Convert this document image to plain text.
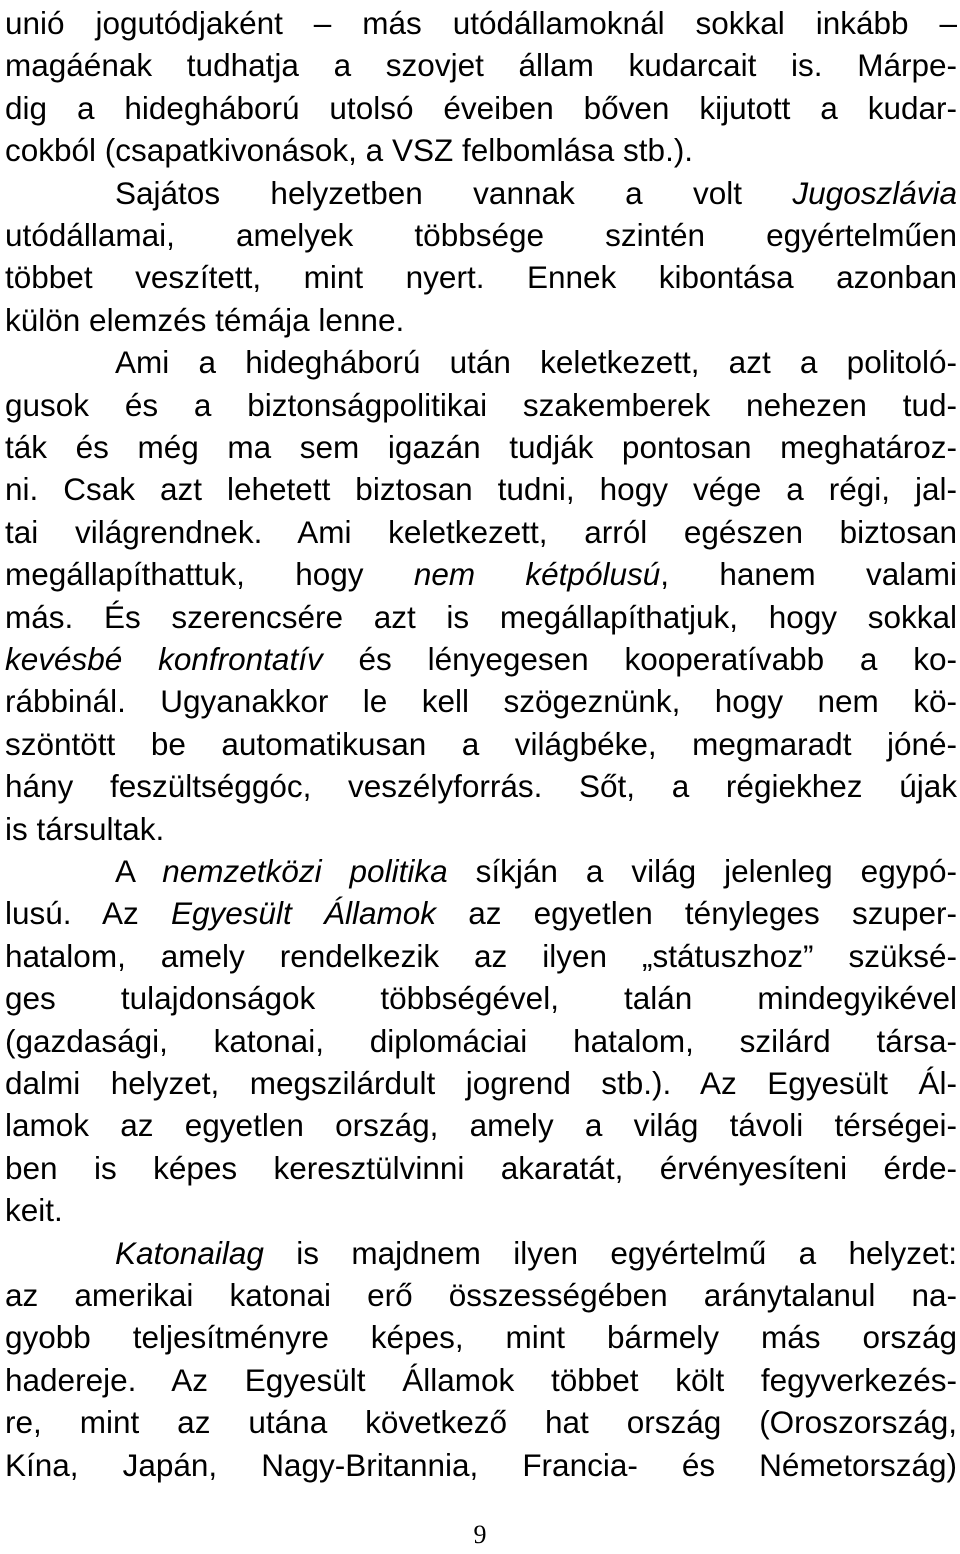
unió jogutódjaként – más utódállamoknál sokkal inkább –
magáénak tudhatja a szovjet állam kudarcait is. Márpe-
dig a hidegháború utolsó éveiben bőven kijutott a kudar-
cokból (csapatkivonások, a VSZ felbomlása stb.).
Sajátos helyzetben vannak a volt Jugoszlávia
utódállamai, amelyek többsége szintén egyértelműen
többet veszített, mint nyert. Ennek kibontása azonban
külön elemzés témája lenne.
Ami a hidegháború után keletkezett, azt a politoló-
gusok és a biztonságpolitikai szakemberek nehezen tud-
ták és még ma sem igazán tudják pontosan meghatároz-
ni. Csak azt lehetett biztosan tudni, hogy vége a régi, jal-
tai világrendnek. Ami keletkezett, arról egészen biztosan
megállapíthattuk, hogy nem kétpólusú, hanem valami
más. És szerencsére azt is megállapíthatjuk, hogy sokkal
kevésbé konfrontatív és lényegesen kooperatívabb a ko-
rábbinál. Ugyanakkor le kell szögeznünk, hogy nem kö-
szöntött be automatikusan a világbéke, megmaradt jóné-
hány feszültséggóc, veszélyforrás. Sőt, a régiekhez újak
is társultak.
A nemzetközi politika síkján a világ jelenleg egypó-
lusú. Az Egyesült Államok az egyetlen tényleges szuper-
hatalom, amely rendelkezik az ilyen „státuszhoz” szüksé-
ges tulajdonságok többségével, talán mindegyikével
(gazdasági, katonai, diplomáciai hatalom, szilárd társa-
dalmi helyzet, megszilárdult jogrend stb.). Az Egyesült Ál-
lamok az egyetlen ország, amely a világ távoli térségei-
ben is képes keresztülvinni akaratát, érvényesíteni érde-
keit.
Katonailag is majdnem ilyen egyértelmű a helyzet:
az amerikai katonai erő összességében aránytalanul na-
gyobb teljesítményre képes, mint bármely más ország
hadereje. Az Egyesült Államok többet költ fegyverkezés-
re, mint az utána következő hat ország (Oroszország,
Kína, Japán, Nagy-Britannia, Francia- és Németország)
9
